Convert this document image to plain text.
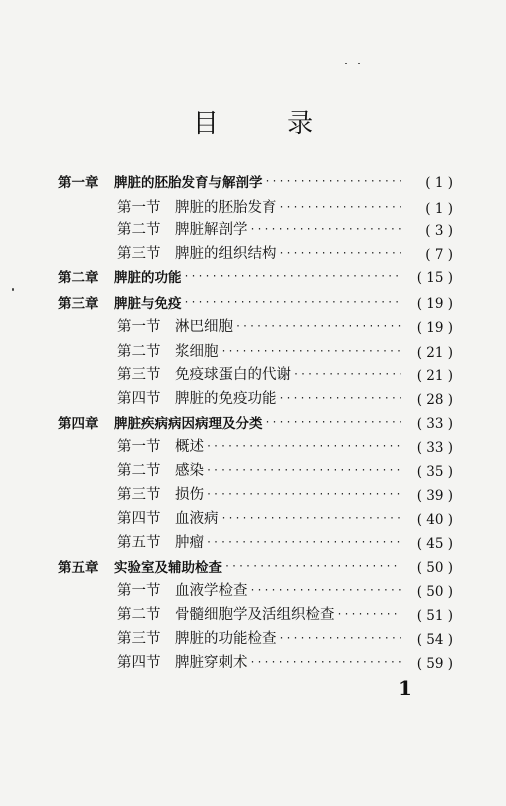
目 录
第一章	脾脏的胚胎发育与解剖学 ·····	( 1 )
第一节	脾脏的胚胎发育 ·····	( 1 )
第二节	脾脏解剖学 ·····	( 3 )
第三节	脾脏的组织结构 ·····	( 7 )
第二章	脾脏的功能 ·····	( 15 )
第三章	脾脏与免疫 ·····	( 19 )
第一节	淋巴细胞 ·····	( 19 )
第二节	浆细胞 ·····	( 21 )
第三节	免疫球蛋白的代谢 ·····	( 21 )
第四节	脾脏的免疫功能 ·····	( 28 )
第四章	脾脏疾病病因病理及分类 ·····	( 33 )
第一节	概述 ·····	( 33 )
第二节	感染 ·····	( 35 )
第三节	损伤 ·····	( 39 )
第四节	血液病 ·····	( 40 )
第五节	肿瘤 ·····	( 45 )
第五章	实验室及辅助检查 ·····	( 50 )
第一节	血液学检查 ·····	( 50 )
第二节	骨髓细胞学及活组织检查 ·····	( 51 )
第三节	脾脏的功能检查 ·····	( 54 )
第四节	脾脏穿刺术 ·····	( 59 )
1
